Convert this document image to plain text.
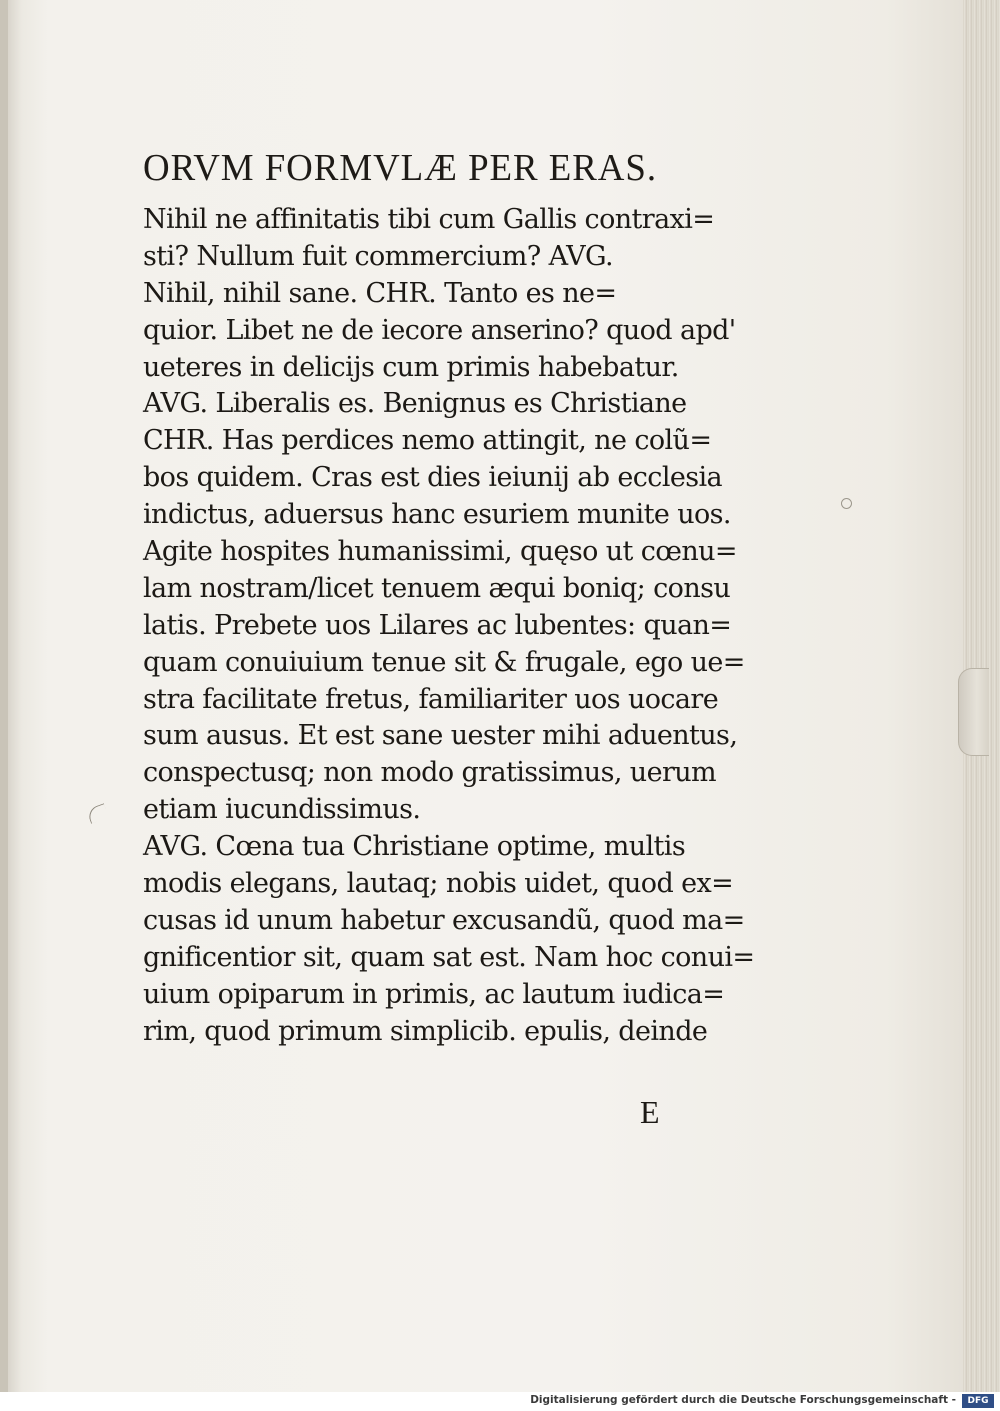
ORVM FORMVLÆ PER ERAS.
Nihil ne affinitatis tibi cum Gallis contraxi=
sti? Nullum fuit commercium? AVG.
Nihil, nihil sane. CHR. Tanto es ne=
quior. Libet ne de iecore anserino? quod apd'
ueteres in delicijs cum primis habebatur.
AVG. Liberalis es. Benignus es Christiane
CHR. Has perdices nemo attingit, ne colũ=
bos quidem. Cras est dies ieiunij ab ecclesia
indictus, aduersus hanc esuriem munite uos.
Agite hospites humanissimi, quęso ut cœnu=
lam nostram/licet tenuem æqui boniq; consu
latis. Prebete uos Lilares ac lubentes: quan=
quam conuiuium tenue sit & frugale, ego ue=
stra facilitate fretus, familiariter uos uocare
sum ausus. Et est sane uester mihi aduentus,
conspectusq; non modo gratissimus, uerum
etiam iucundissimus.
AVG. Cœna tua Christiane optime, multis
modis elegans, lautaq; nobis uidet, quod ex=
cusas id unum habetur excusandũ, quod ma=
gnificentior sit, quam sat est. Nam hoc conui=
uium opiparum in primis, ac lautum iudica=
rim, quod primum simplicib. epulis, deinde
E
Digitalisierung gefördert durch die Deutsche Forschungsgemeinschaft -	DFG
